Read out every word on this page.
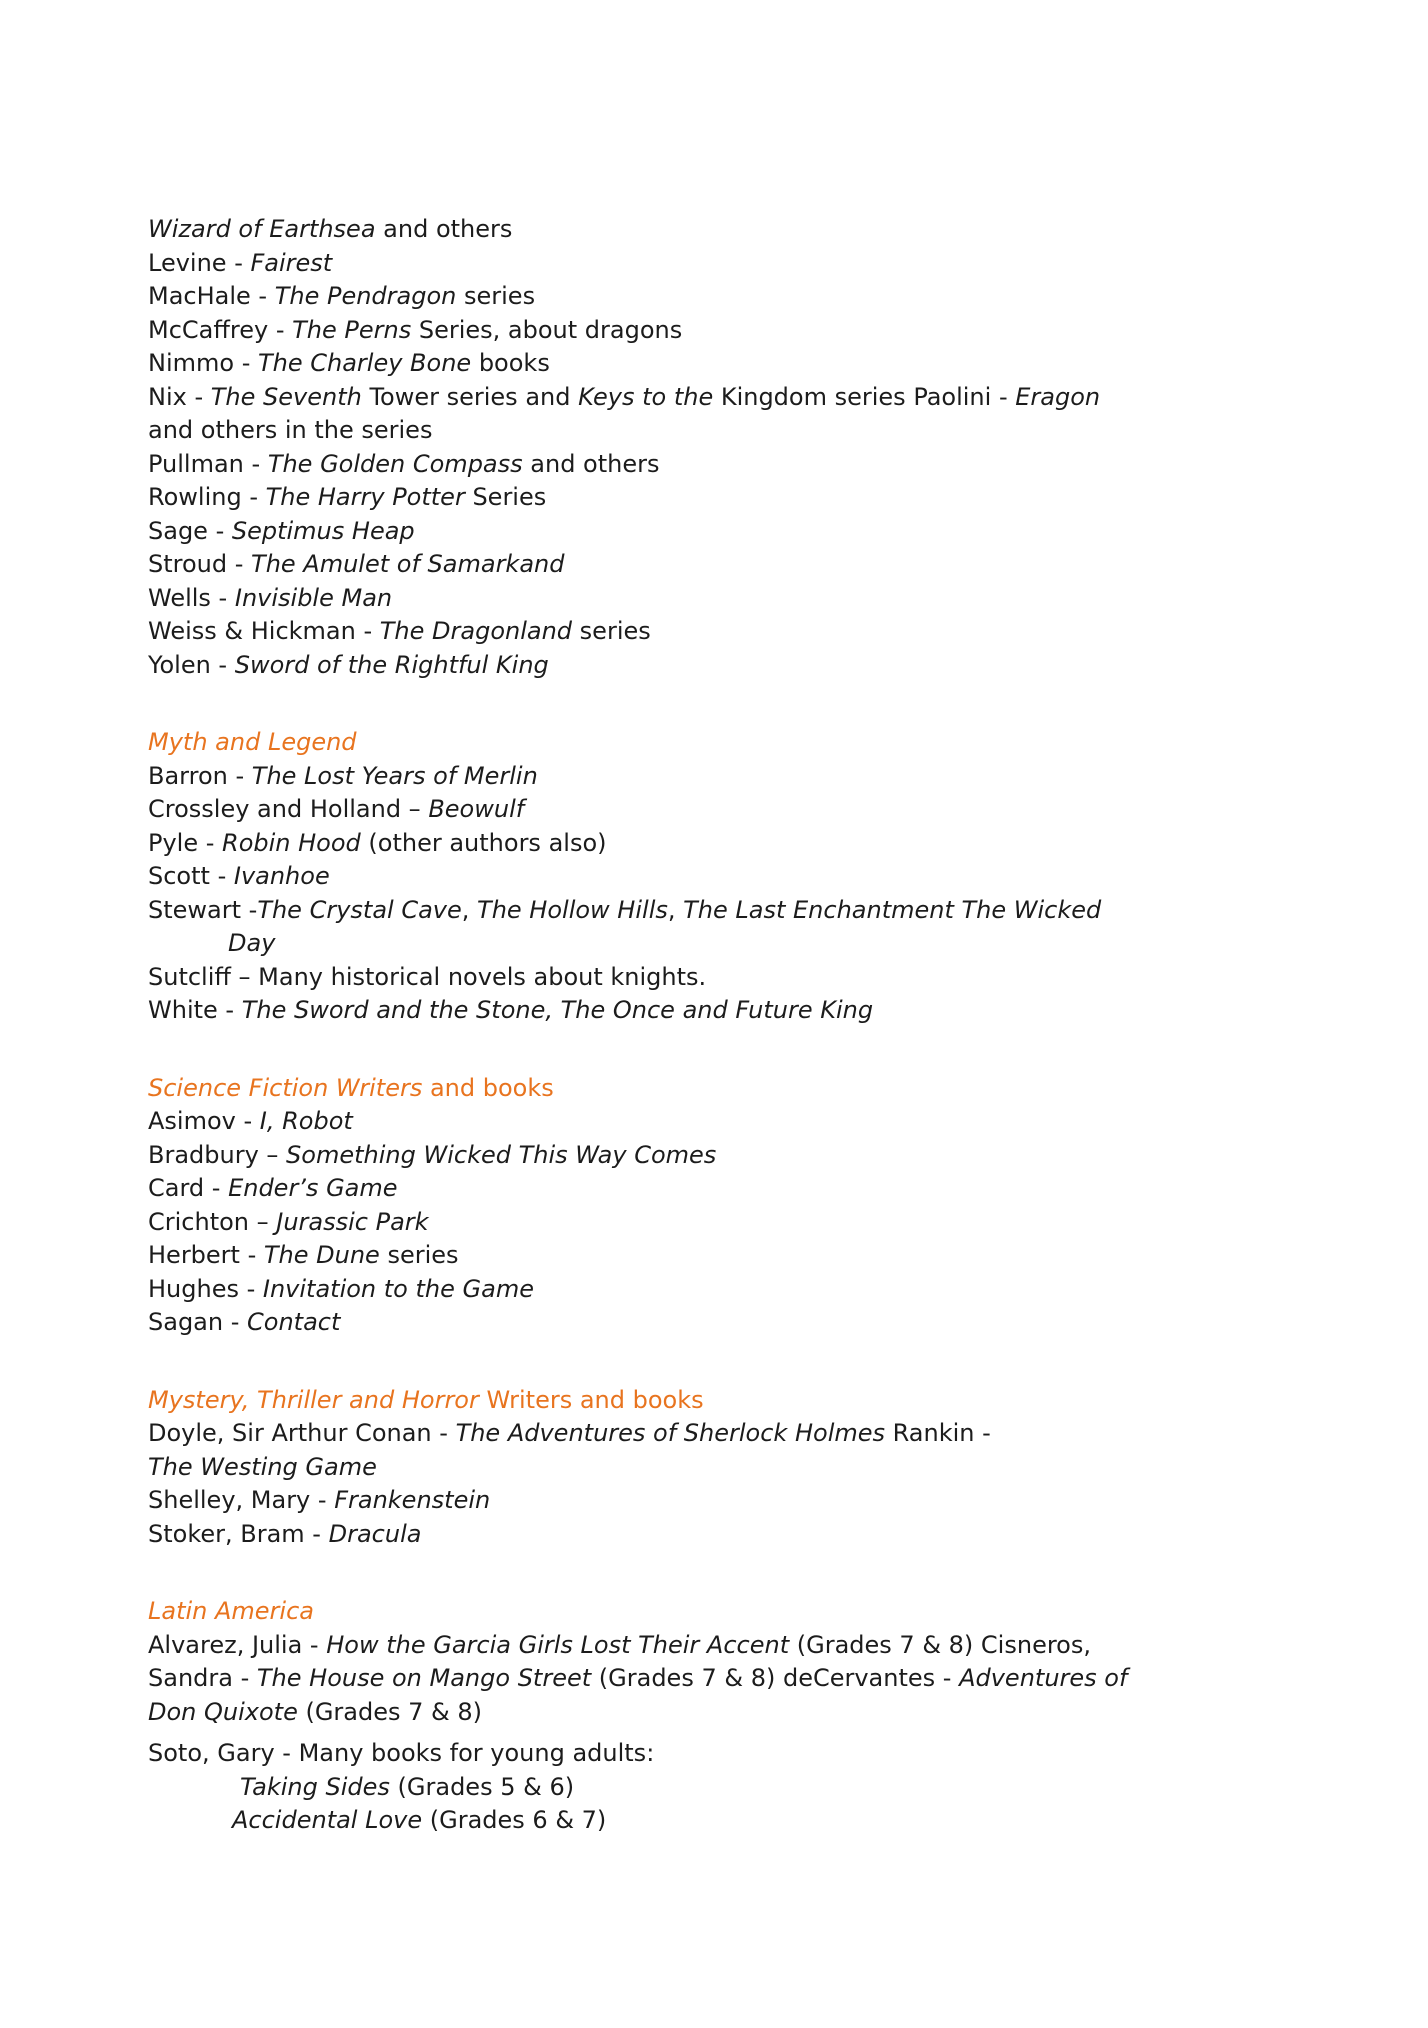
Wizard of Earthsea and others
Levine - Fairest
MacHale - The Pendragon series
McCaffrey - The Perns Series, about dragons
Nimmo - The Charley Bone books
Nix - The Seventh Tower series and Keys to the Kingdom series Paolini - Eragon
and others in the series
Pullman - The Golden Compass and others
Rowling - The Harry Potter Series
Sage - Septimus Heap
Stroud - The Amulet of Samarkand
Wells - Invisible Man
Weiss & Hickman - The Dragonland series
Yolen - Sword of the Rightful King
Myth and Legend
Barron - The Lost Years of Merlin
Crossley and Holland – Beowulf
Pyle - Robin Hood (other authors also)
Scott - Ivanhoe
Stewart -The Crystal Cave, The Hollow Hills, The Last Enchantment The Wicked
Day
Sutcliff – Many historical novels about knights.
White - The Sword and the Stone, The Once and Future King
Science Fiction Writers and books
Asimov - I, Robot
Bradbury – Something Wicked This Way Comes
Card - Ender’s Game
Crichton – Jurassic Park
Herbert - The Dune series
Hughes - Invitation to the Game
Sagan - Contact
Mystery, Thriller and Horror Writers and books
Doyle, Sir Arthur Conan - The Adventures of Sherlock Holmes Rankin -
The Westing Game
Shelley, Mary - Frankenstein
Stoker, Bram - Dracula
Latin America
Alvarez, Julia - How the Garcia Girls Lost Their Accent (Grades 7 & 8) Cisneros,
Sandra - The House on Mango Street (Grades 7 & 8) deCervantes - Adventures of
Don Quixote (Grades 7 & 8)
Soto, Gary - Many books for young adults:
Taking Sides (Grades 5 & 6)
Accidental Love (Grades 6 & 7)
